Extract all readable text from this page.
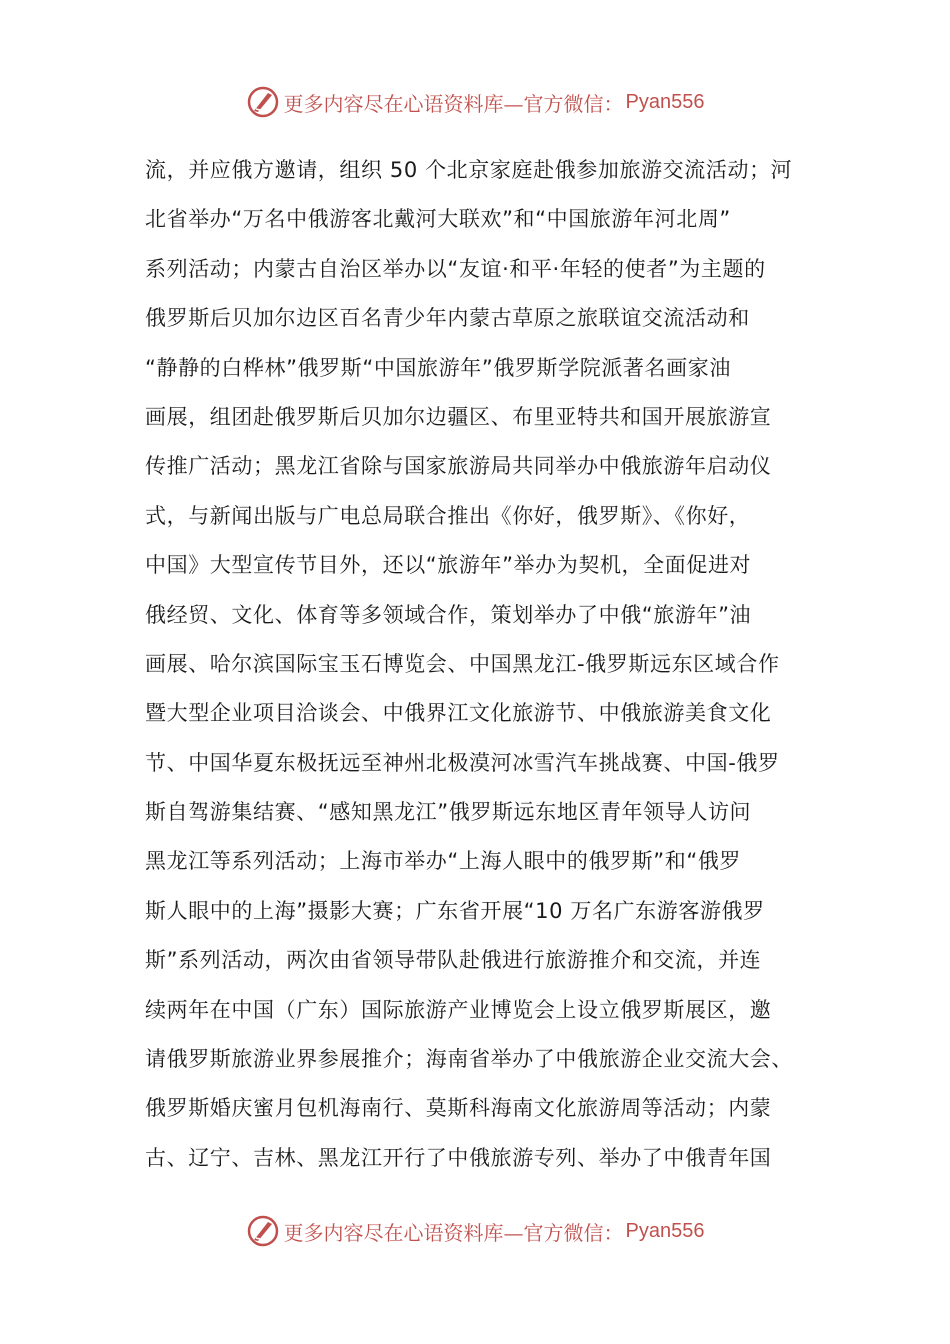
更多内容尽在心语资料库—官方微信： Pyan556
流，并应俄方邀请，组织 50 个北京家庭赴俄参加旅游交流活动；河
北省举办“万名中俄游客北戴河大联欢”和“中国旅游年河北周”
系列活动；内蒙古自治区举办以“友谊·和平·年轻的使者”为主题的
俄罗斯后贝加尔边区百名青少年内蒙古草原之旅联谊交流活动和
“静静的白桦林”俄罗斯“中国旅游年”俄罗斯学院派著名画家油
画展，组团赴俄罗斯后贝加尔边疆区、布里亚特共和国开展旅游宣
传推广活动；黑龙江省除与国家旅游局共同举办中俄旅游年启动仪
式，与新闻出版与广电总局联合推出《你好，俄罗斯》、《你好，
中国》大型宣传节目外，还以“旅游年”举办为契机，全面促进对
俄经贸、文化、体育等多领域合作，策划举办了中俄“旅游年”油
画展、哈尔滨国际宝玉石博览会、中国黑龙江-俄罗斯远东区域合作
暨大型企业项目洽谈会、中俄界江文化旅游节、中俄旅游美食文化
节、中国华夏东极抚远至神州北极漠河冰雪汽车挑战赛、中国-俄罗
斯自驾游集结赛、“感知黑龙江”俄罗斯远东地区青年领导人访问
黑龙江等系列活动；上海市举办“上海人眼中的俄罗斯”和“俄罗
斯人眼中的上海”摄影大赛；广东省开展“10 万名广东游客游俄罗
斯”系列活动，两次由省领导带队赴俄进行旅游推介和交流，并连
续两年在中国（广东）国际旅游产业博览会上设立俄罗斯展区，邀
请俄罗斯旅游业界参展推介；海南省举办了中俄旅游企业交流大会、
俄罗斯婚庆蜜月包机海南行、莫斯科海南文化旅游周等活动；内蒙
古、辽宁、吉林、黑龙江开行了中俄旅游专列、举办了中俄青年国
更多内容尽在心语资料库—官方微信： Pyan556
